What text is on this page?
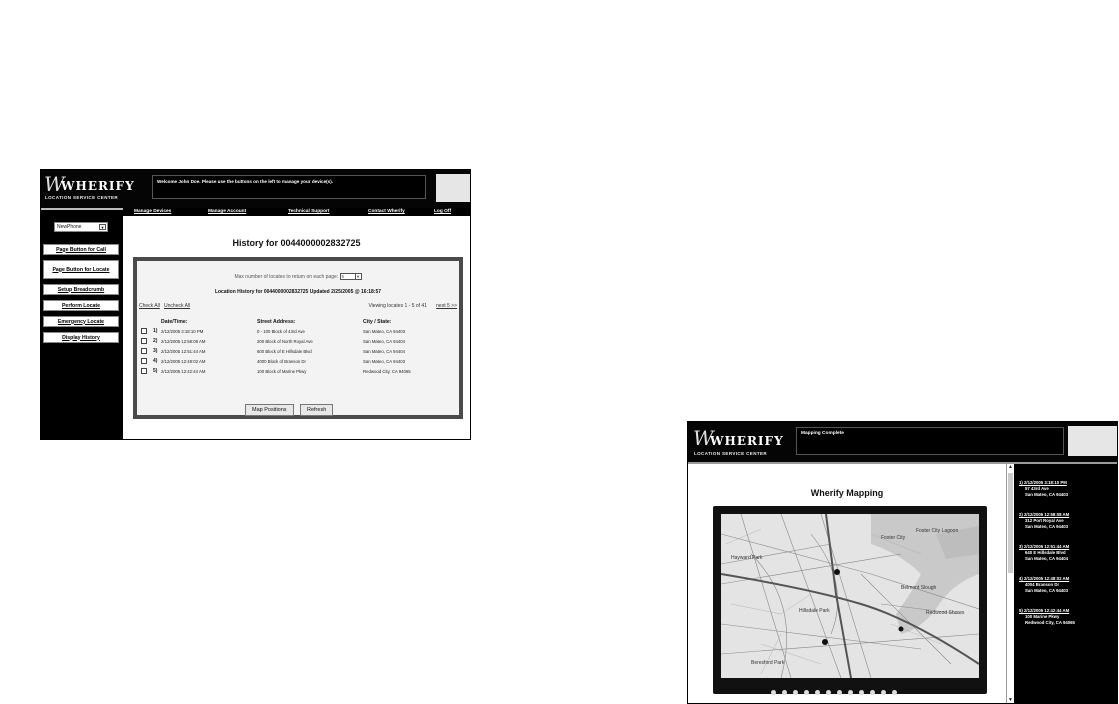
W
WHERIFY
LOCATION SERVICE CENTER
Welcome John Doe. Please use the buttons on the left to manage your device(s).
Manage Devices	Manage Account	Technical Support	Contact Wherify	Log Off
NewPhone	▼
Page Button for Call
Page Button for Locate
Setup Breadcrumb
Perform Locate
Emergency Locate
Display History
History for 0044000002832725
Max number of locates to return on each page: 5	▼
Location History for 0044000002832725 Updated 2/25/2005 @ 16:18:57
Check All Uncheck All	Viewing locates 1 - 5 of 41 next 5 >>
Date/Time:	Street Address:	City / State:
1) 2/12/2005 3:18:10 PM	0 - 100 Block of 43rd Ave	San Mateo, CA 94403
2) 2/12/2005 12:58:08 AM	200 Block of North Royal Ave	San Mateo, CA 94404
3) 2/12/2005 12:51:44 AM	600 Block of E Hillsdale Blvd	San Mateo, CA 94404
4) 2/12/2005 12:48:02 AM	4000 Block of Branson Dr	San Mateo, CA 94403
5) 2/12/2005 12:42:44 AM	100 Block of Marine Pkwy	Redwood City, CA 94065
Map Positions	Refresh
W
WHERIFY
LOCATION SERVICE CENTER
Mapping Complete
Wherify Mapping
Foster City
Foster City Lagoon
Hayward Park
Hillsdale Park
Belmont Slough
Redwood Shores
Beresford Park
▲
▼
1) 2/12/2005 3:18:10 PM
57 43rd Ave
San Mateo, CA 94403
2) 2/12/2005 12:58:08 AM
312 Port Royal Ave
San Mateo, CA 94403
3) 2/12/2005 12:51:44 AM
640 E Hillsdale Blvd
San Mateo, CA 94404
4) 2/12/2005 12:48:02 AM
4004 Branson Dr
San Mateo, CA 94403
5) 2/12/2005 12:42:44 AM
100 Marine Pkwy
Redwood City, CA 94065
